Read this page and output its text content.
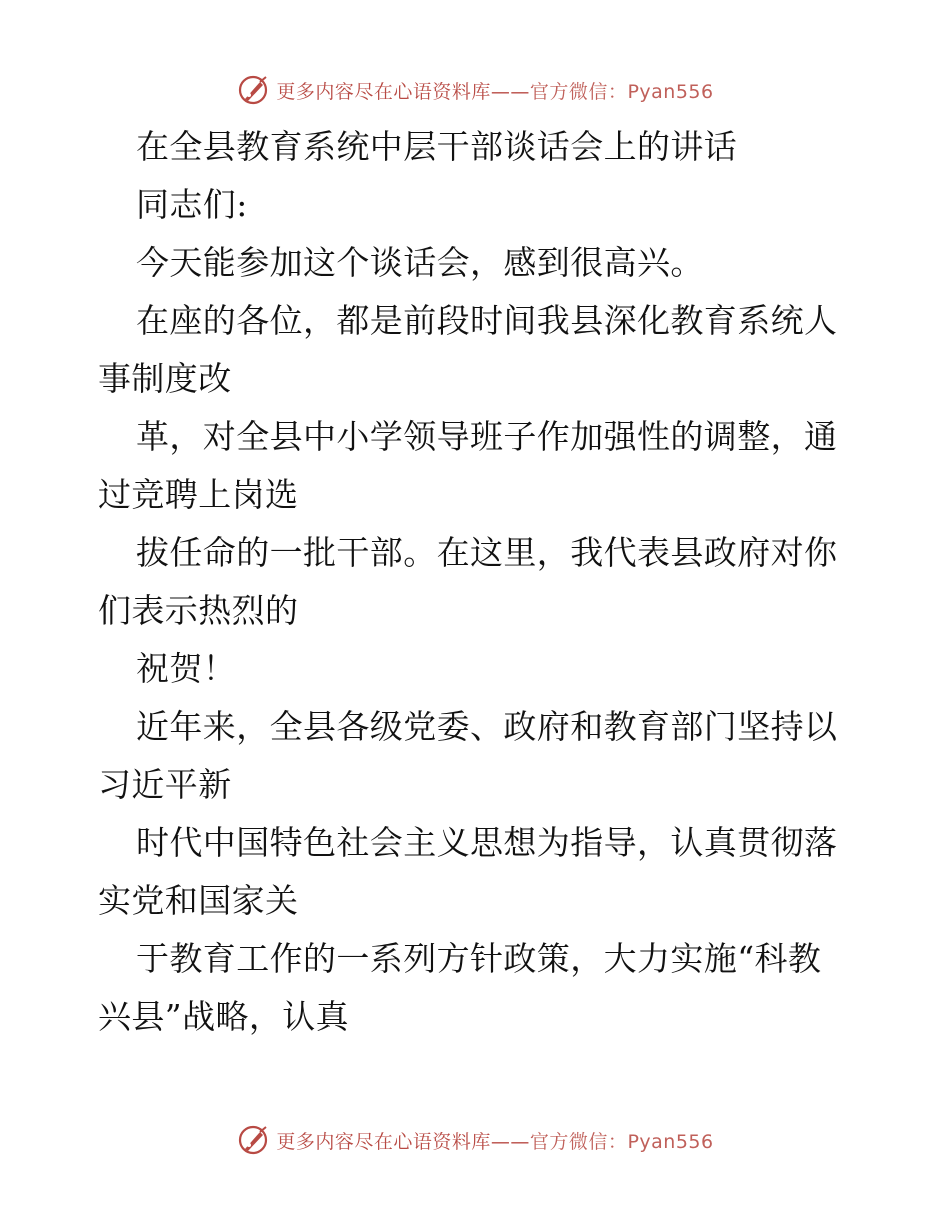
更多内容尽在心语资料库——官方微信：Pyan556
在全县教育系统中层干部谈话会上的讲话
同志们:
今天能参加这个谈话会，感到很高兴。
在座的各位，都是前段时间我县深化教育系统人
事制度改
革，对全县中小学领导班子作加强性的调整，通
过竞聘上岗选
拔任命的一批干部。在这里，我代表县政府对你
们表示热烈的
祝贺！
近年来，全县各级党委、政府和教育部门坚持以
习近平新
时代中国特色社会主义思想为指导，认真贯彻落
实党和国家关
于教育工作的一系列方针政策，大力实施“科教
兴县”战略，认真
更多内容尽在心语资料库——官方微信：Pyan556
